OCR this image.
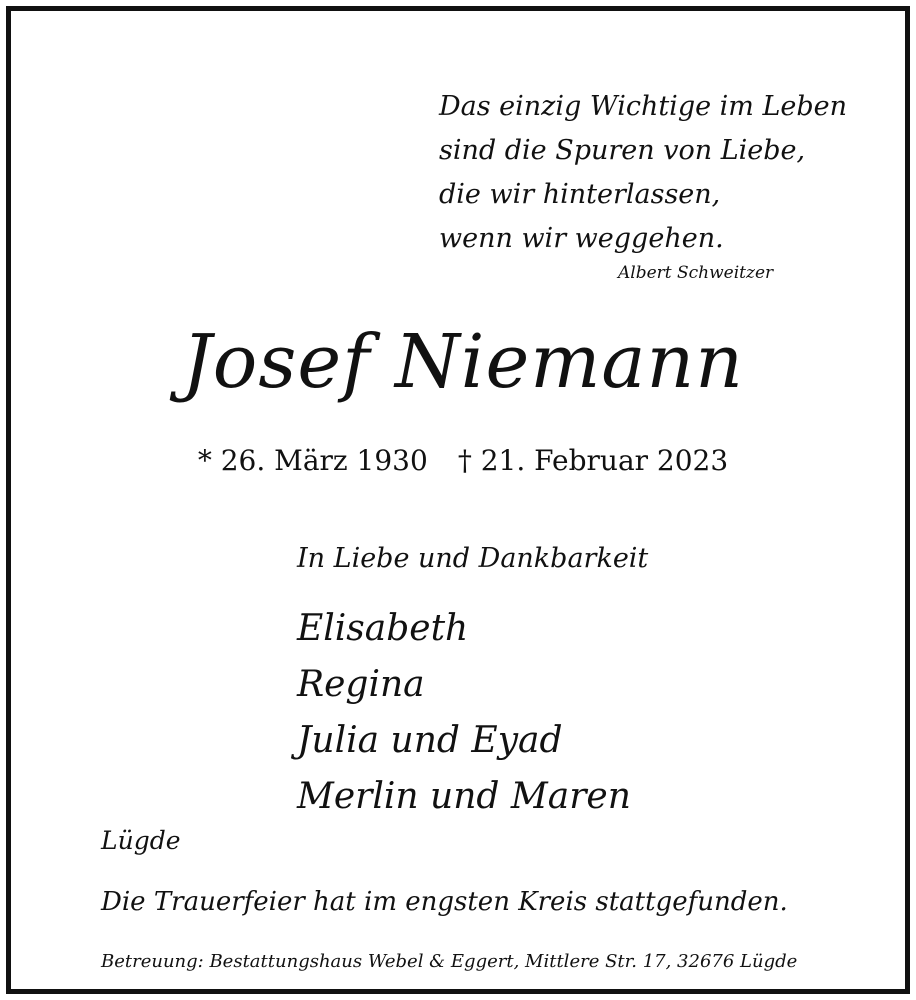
Das einzig Wichtige im Leben
sind die Spuren von Liebe,
die wir hinterlassen,
wenn wir weggehen.
Albert Schweitzer
Josef Niemann
* 26. März 1930 † 21. Februar 2023
In Liebe und Dankbarkeit
Elisabeth
Regina
Julia und Eyad
Merlin und Maren
Lügde
Die Trauerfeier hat im engsten Kreis stattgefunden.
Betreuung: Bestattungshaus Webel & Eggert, Mittlere Str. 17, 32676 Lügde
